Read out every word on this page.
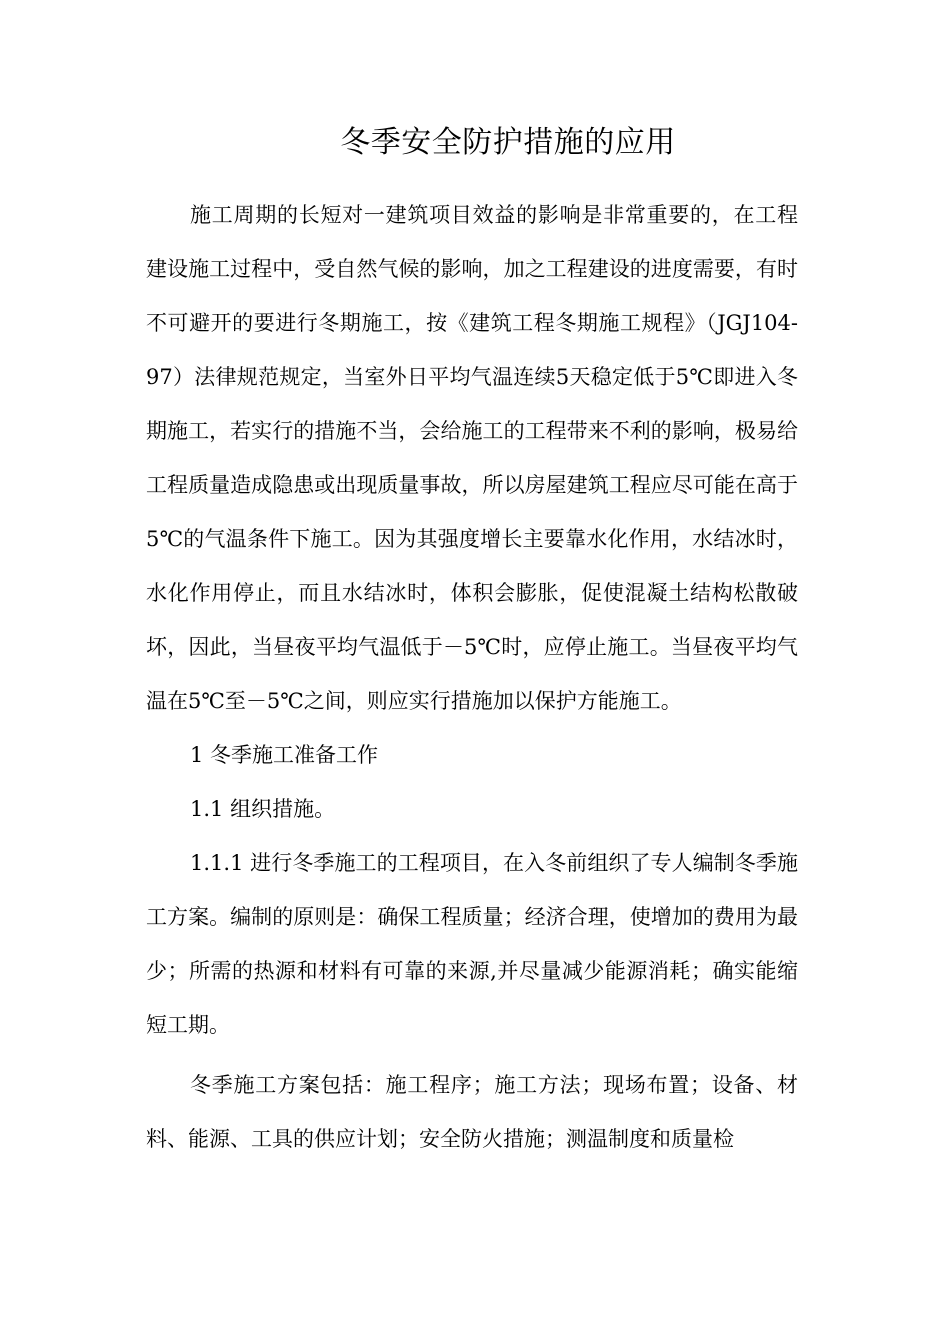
冬季安全防护措施的应用

施工周期的长短对一建筑项目效益的影响是非常重要的，在工程建设施工过程中，受自然气候的影响，加之工程建设的进度需要，有时不可避开的要进行冬期施工，按《建筑工程冬期施工规程》（JGJ104-97）法律规范规定，当室外日平均气温连续5天稳定低于5℃即进入冬期施工，若实行的措施不当，会给施工的工程带来不利的影响，极易给工程质量造成隐患或出现质量事故，所以房屋建筑工程应尽可能在高于5℃的气温条件下施工。因为其强度增长主要靠水化作用，水结冰时，水化作用停止，而且水结冰时，体积会膨胀，促使混凝土结构松散破坏，因此，当昼夜平均气温低于－5℃时，应停止施工。当昼夜平均气温在5℃至－5℃之间，则应实行措施加以保护方能施工。

1 冬季施工准备工作

1.1 组织措施。

1.1.1 进行冬季施工的工程项目，在入冬前组织了专人编制冬季施工方案。编制的原则是：确保工程质量；经济合理，使增加的费用为最少；所需的热源和材料有可靠的来源,并尽量减少能源消耗；确实能缩短工期。

冬季施工方案包括：施工程序；施工方法；现场布置；设备、材料、能源、工具的供应计划；安全防火措施；测温制度和质量检
